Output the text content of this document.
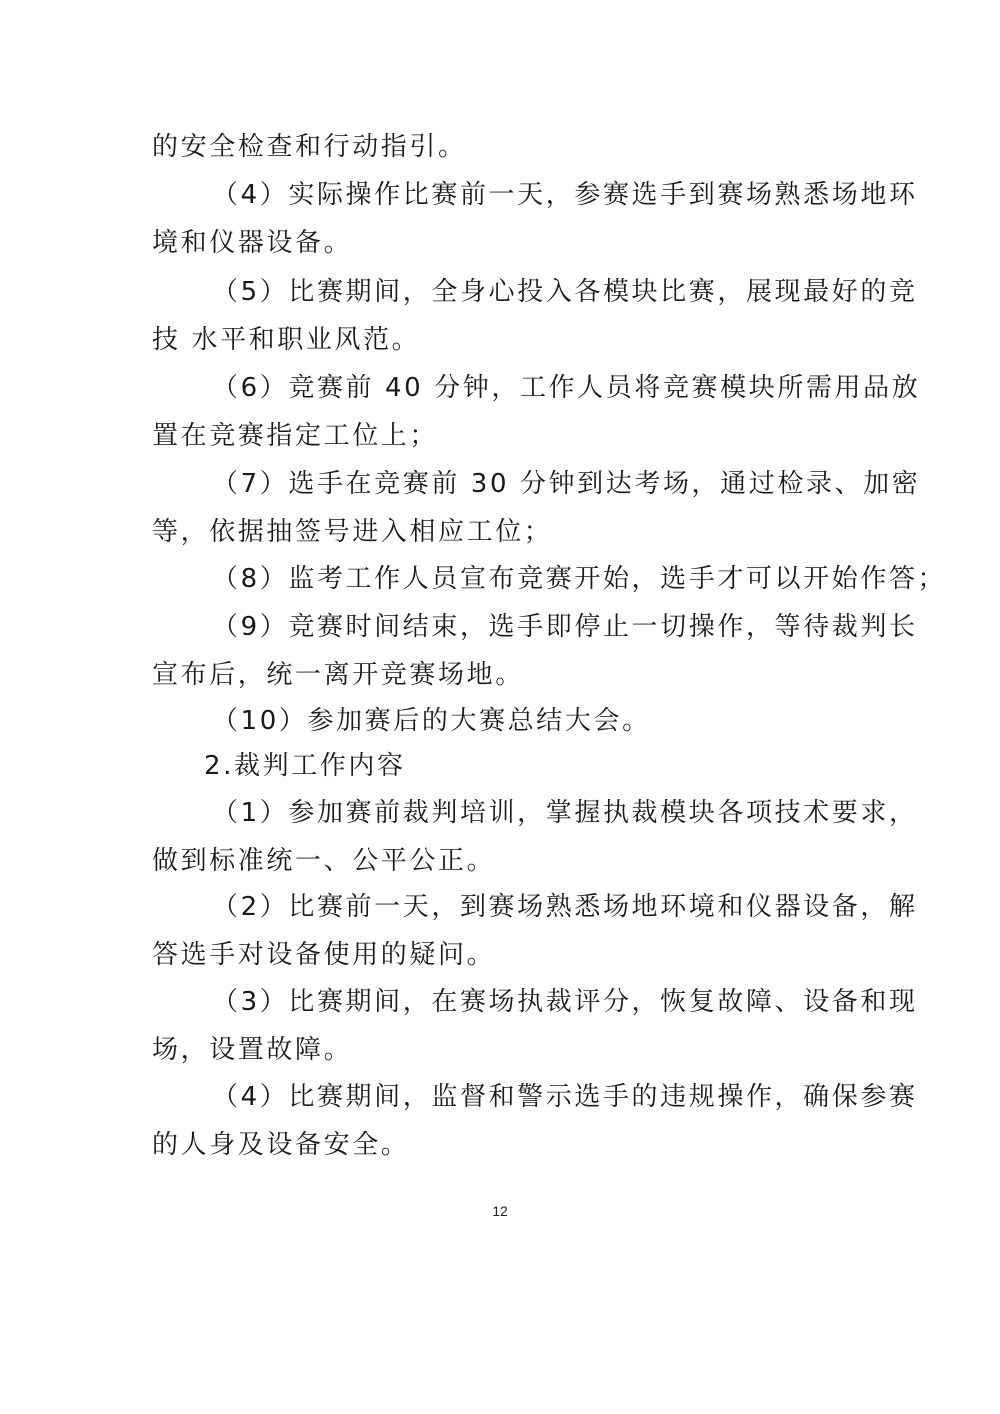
的安全检查和行动指引。
（4）实际操作比赛前一天，参赛选手到赛场熟悉场地环
境和仪器设备。
（5）比赛期间，全身心投入各模块比赛，展现最好的竞
技 水平和职业风范。
（6）竞赛前 40 分钟，工作人员将竞赛模块所需用品放
置在竞赛指定工位上；
（7）选手在竞赛前 30 分钟到达考场，通过检录、加密
等，依据抽签号进入相应工位；
（8）监考工作人员宣布竞赛开始，选手才可以开始作答；
（9）竞赛时间结束，选手即停止一切操作，等待裁判长
宣布后，统一离开竞赛场地。
（10）参加赛后的大赛总结大会。
2.裁判工作内容
（1）参加赛前裁判培训，掌握执裁模块各项技术要求，
做到标准统一、公平公正。
（2）比赛前一天，到赛场熟悉场地环境和仪器设备，解
答选手对设备使用的疑问。
（3）比赛期间，在赛场执裁评分，恢复故障、设备和现
场，设置故障。
（4）比赛期间，监督和警示选手的违规操作，确保参赛
的人身及设备安全。
12
